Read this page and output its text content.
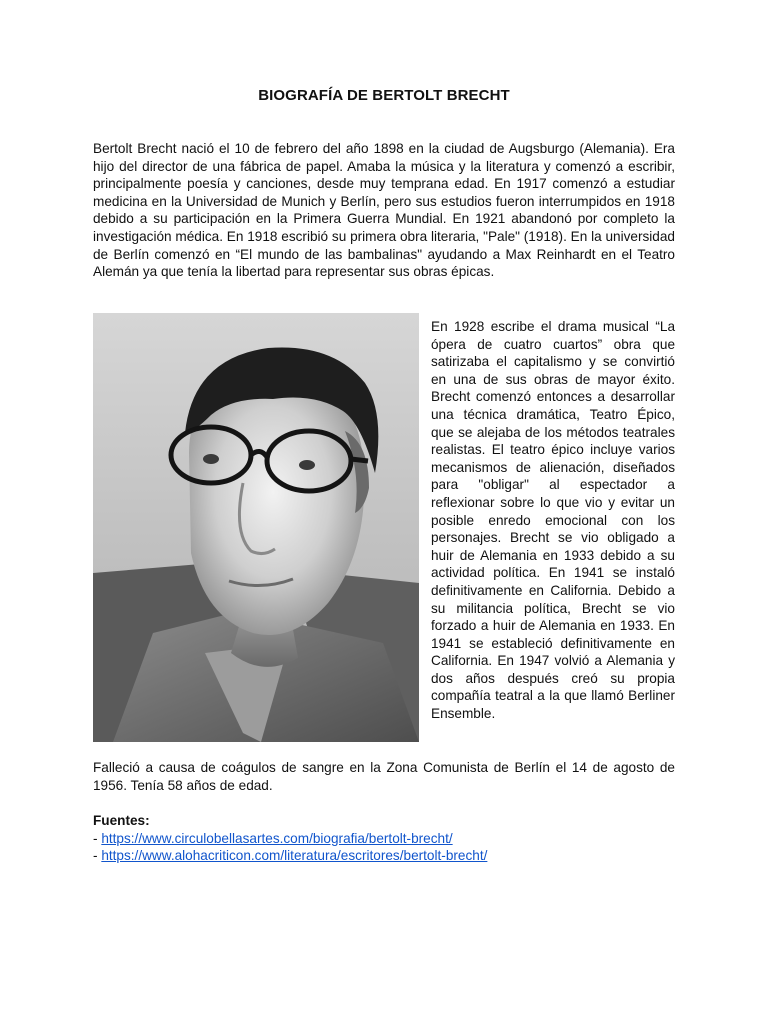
BIOGRAFÍA DE BERTOLT BRECHT

Bertolt Brecht nació el 10 de febrero del año 1898 en la ciudad de Augsburgo (Alemania). Era hijo del director de una fábrica de papel. Amaba la música y la literatura y comenzó a escribir, principalmente poesía y canciones, desde muy temprana edad. En 1917 comenzó a estudiar medicina en la Universidad de Munich y Berlín, pero sus estudios fueron interrumpidos en 1918 debido a su participación en la Primera Guerra Mundial. En 1921 abandonó por completo la investigación médica. En 1918 escribió su primera obra literaria, "Pale" (1918). En la universidad de Berlín comenzó en “El mundo de las bambalinas" ayudando a Max Reinhardt en el Teatro Alemán ya que tenía la libertad para representar sus obras épicas.

En 1928 escribe el drama musical “La ópera de cuatro cuartos” obra que satirizaba el capitalismo y se convirtió en una de sus obras de mayor éxito. Brecht comenzó entonces a desarrollar una técnica dramática, Teatro Épico, que se alejaba de los métodos teatrales realistas. El teatro épico incluye varios mecanismos de alienación, diseñados para "obligar" al espectador a reflexionar sobre lo que vio y evitar un posible enredo emocional con los personajes. Brecht se vio obligado a huir de Alemania en 1933 debido a su actividad política. En 1941 se instaló definitivamente en California. Debido a su militancia política, Brecht se vio forzado a huir de Alemania en 1933. En 1941 se estableció definitivamente en California. En 1947 volvió a Alemania y dos años después creó su propia compañía teatral a la que llamó Berliner Ensemble.

Falleció a causa de coágulos de sangre en la Zona Comunista de Berlín el 14 de agosto de 1956. Tenía 58 años de edad.

Fuentes:

- https://www.circulobellasartes.com/biografia/bertolt-brecht/

- https://www.alohacriticon.com/literatura/escritores/bertolt-brecht/
